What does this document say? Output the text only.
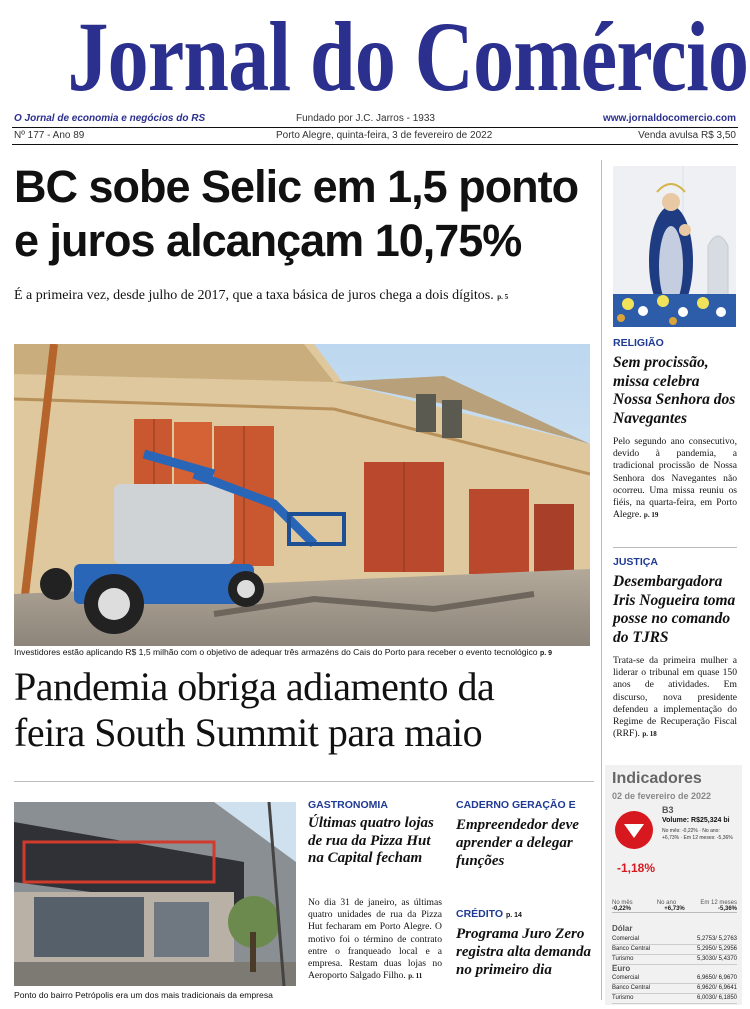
Jornal do Comércio
O Jornal de economia e negócios do RS	Fundado por J.C. Jarros - 1933	www.jornaldocomercio.com
Nº 177 - Ano 89	Porto Alegre, quinta-feira, 3 de fevereiro de 2022	Venda avulsa R$ 3,50
BC sobe Selic em 1,5 ponto
e juros alcançam 10,75%
É a primeira vez, desde julho de 2017, que a taxa básica de juros chega a dois dígitos. p. 5

Investidores estão aplicando R$ 1,5 milhão com o objetivo de adequar três armazéns do Cais do Porto para receber o evento tecnológico p. 9
Pandemia obriga adiamento da
feira South Summit para maio
Ponto do bairro Petrópolis era um dos mais tradicionais da empresa
GASTRONOMIA
Últimas quatro lojas de rua da Pizza Hut na Capital fecham
No dia 31 de janeiro, as últimas quatro unidades de rua da Pizza Hut fecharam em Porto Alegre. O motivo foi o término de contrato entre o franqueado local e a empresa. Restam duas lojas no Aeroporto Salgado Filho. p. 11
CADERNO GERAÇÃO E
Empreendedor deve aprender a delegar funções
CRÉDITO p. 14
Programa Juro Zero registra alta demanda no primeiro dia
RELIGIÃO
Sem procissão, missa celebra Nossa Senhora dos Navegantes
Pelo segundo ano consecutivo, devido à pandemia, a tradicional procissão de Nossa Senhora dos Navegantes não ocorreu. Uma missa reuniu os fiéis, na quarta-feira, em Porto Alegre. p. 19
JUSTIÇA
Desembargadora Iris Nogueira toma posse no comando do TJRS
Trata-se da primeira mulher a liderar o tribunal em quase 150 anos de atividades. Em discurso, nova presidente defendeu a implementação do Regime de Recuperação Fiscal (RRF). p. 18
Indicadores
02 de fevereiro de 2022
B3
Volume: R$25,324 bi
No mês: -0,22% · No ano: +6,73% · Em 12 meses: -5,36%
-1,18%
No mês	No ano	Em 12 meses
-0,22%	+6,73%	-5,36%
Dólar
Comercial	5,2753/ 5,2763
Banco Central	5,2950/ 5,2956
Turismo	5,3030/ 5,4370
Euro
Comercial	6,9650/ 6,9670
Banco Central	6,9620/ 6,9641
Turismo	6,0030/ 6,1850
